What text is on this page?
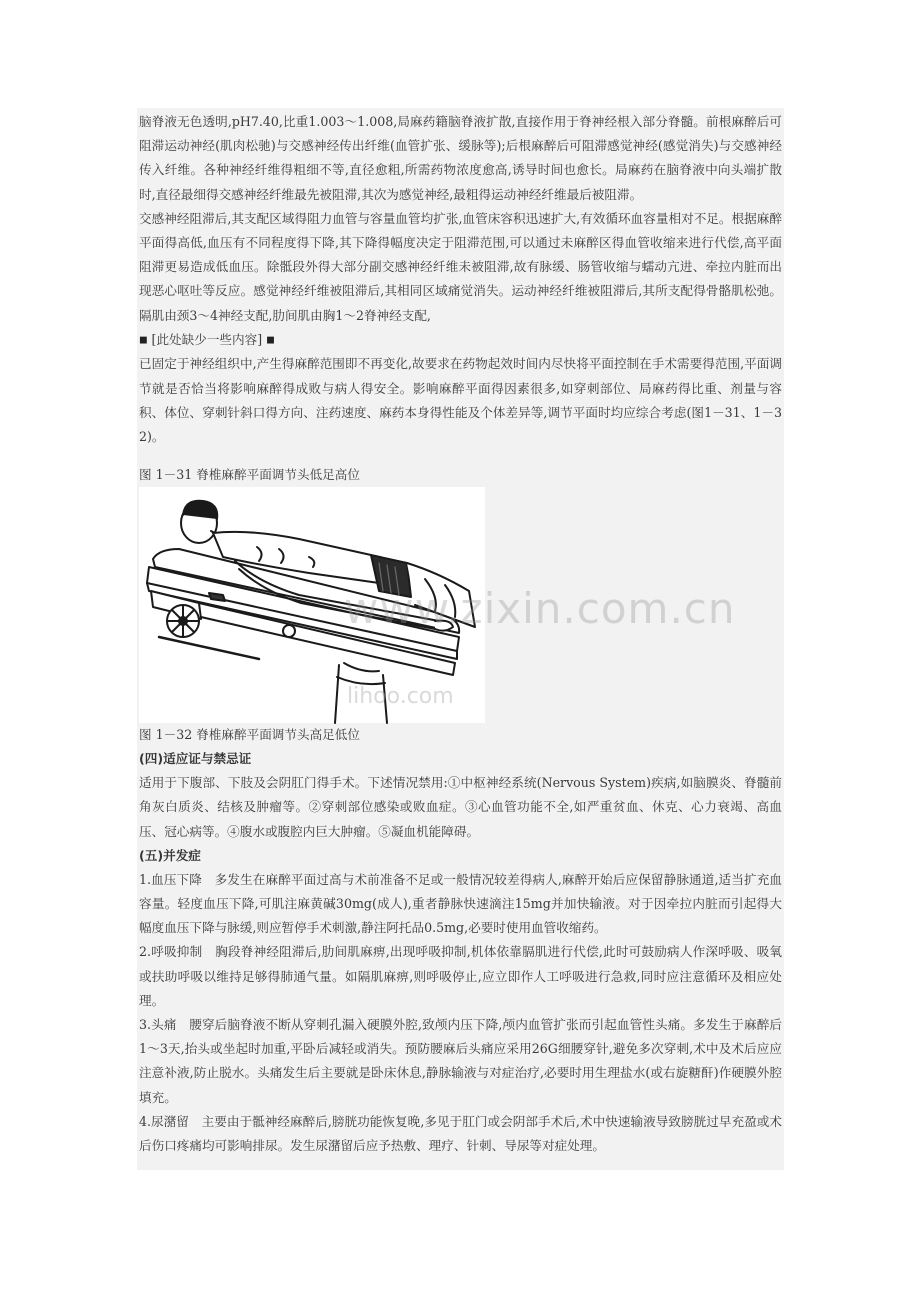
脑脊液无色透明,pH7.40,比重1.003～1.008,局麻药籍脑脊液扩散,直接作用于脊神经根入部分脊髓。前根麻醉后可阻滞运动神经(肌肉松驰)与交感神经传出纤维(血管扩张、缓脉等);后根麻醉后可阻滞感觉神经(感觉消失)与交感神经传入纤维。各种神经纤维得粗细不等,直径愈粗,所需药物浓度愈高,诱导时间也愈长。局麻药在脑脊液中向头端扩散时,直径最细得交感神经纤维最先被阻滞,其次为感觉神经,最粗得运动神经纤维最后被阻滞。

交感神经阻滞后,其支配区域得阻力血管与容量血管均扩张,血管床容积迅速扩大,有效循环血容量相对不足。根据麻醉平面得高低,血压有不同程度得下降,其下降得幅度决定于阻滞范围,可以通过未麻醉区得血管收缩来进行代偿,高平面阻滞更易造成低血压。除骶段外得大部分副交感神经纤维未被阻滞,故有脉缓、肠管收缩与蠕动亢进、牵拉内脏而出现恶心呕吐等反应。感觉神经纤维被阻滞后,其相同区域痛觉消失。运动神经纤维被阻滞后,其所支配得骨骼肌松弛。隔肌由颈3～4神经支配,肋间肌由胸1～2脊神经支配,

■ [此处缺少一些内容] ■

已固定于神经组织中,产生得麻醉范围即不再变化,故要求在药物起效时间内尽快将平面控制在手术需要得范围,平面调节就是否恰当将影响麻醉得成败与病人得安全。影响麻醉平面得因素很多,如穿刺部位、局麻药得比重、剂量与容积、体位、穿刺针斜口得方向、注药速度、麻药本身得性能及个体差异等,调节平面时均应综合考虑(图1－31、1－32)。

图 1－31 脊椎麻醉平面调节头低足高位
www.zixin.com.cn
lihoo.com
图 1－32 脊椎麻醉平面调节头高足低位
(四)适应证与禁忌证

适用于下腹部、下肢及会阴肛门得手术。下述情况禁用:①中枢神经系统(Nervous System)疾病,如脑膜炎、脊髓前角灰白质炎、结核及肿瘤等。②穿刺部位感染或败血症。③心血管功能不全,如严重贫血、休克、心力衰竭、高血压、冠心病等。④腹水或腹腔内巨大肿瘤。⑤凝血机能障碍。

(五)并发症

1.血压下降　多发生在麻醉平面过高与术前准备不足或一般情况较差得病人,麻醉开始后应保留静脉通道,适当扩充血容量。轻度血压下降,可肌注麻黄碱30mg(成人),重者静脉快速滴注15mg并加快输液。对于因牵拉内脏而引起得大幅度血压下降与脉缓,则应暂停手术刺激,静注阿托品0.5mg,必要时使用血管收缩药。

2.呼吸抑制　胸段脊神经阻滞后,肋间肌麻痹,出现呼吸抑制,机体依靠膈肌进行代偿,此时可鼓励病人作深呼吸、吸氧或扶助呼吸以维持足够得肺通气量。如隔肌麻痹,则呼吸停止,应立即作人工呼吸进行急救,同时应注意循环及相应处理。

3.头痛　腰穿后脑脊液不断从穿刺孔漏入硬膜外腔,致颅内压下降,颅内血管扩张而引起血管性头痛。多发生于麻醉后1～3天,抬头或坐起时加重,平卧后减轻或消失。预防腰麻后头痛应采用26G细腰穿针,避免多次穿刺,术中及术后应应注意补液,防止脱水。头痛发生后主要就是卧床休息,静脉输液与对症治疗,必要时用生理盐水(或右旋糖酐)作硬膜外腔填充。

4.尿潴留　主要由于骶神经麻醉后,膀胱功能恢复晚,多见于肛门或会阴部手术后,术中快速输液导致膀胱过早充盈或术后伤口疼痛均可影响排尿。发生尿潴留后应予热敷、理疗、针刺、导尿等对症处理。
